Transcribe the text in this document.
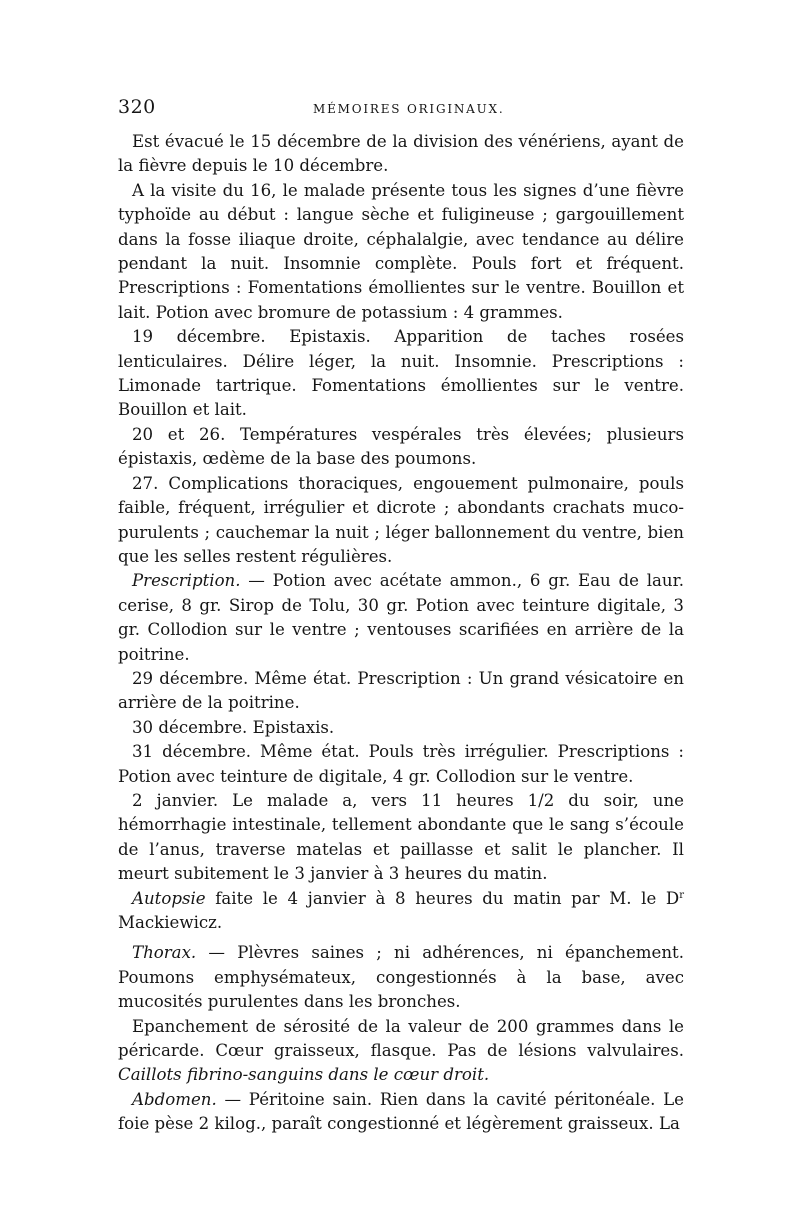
320	MÉMOIRES ORIGINAUX.

Est évacué le 15 décembre de la division des vénériens, ayant de la fièvre depuis le 10 décembre.

A la visite du 16, le malade présente tous les signes d’une fièvre typhoïde au début : langue sèche et fuligineuse ; gargouillement dans la fosse iliaque droite, céphalalgie, avec tendance au délire pendant la nuit. Insomnie complète. Pouls fort et fréquent. Prescriptions : Fomentations émollientes sur le ventre. Bouillon et lait. Potion avec bromure de potassium : 4 grammes.

19 décembre. Epistaxis. Apparition de taches rosées lenticulaires. Délire léger, la nuit. Insomnie. Prescriptions : Limonade tartrique. Fomentations émollientes sur le ventre. Bouillon et lait.

20 et 26. Températures vespérales très élevées; plusieurs épistaxis, œdème de la base des poumons.

27. Complications thoraciques, engouement pulmonaire, pouls faible, fréquent, irrégulier et dicrote ; abondants crachats muco-purulents ; cauchemar la nuit ; léger ballonnement du ventre, bien que les selles restent régulières.

Prescription. — Potion avec acétate ammon., 6 gr. Eau de laur. cerise, 8 gr. Sirop de Tolu, 30 gr. Potion avec teinture digitale, 3 gr. Collodion sur le ventre ; ventouses scarifiées en arrière de la poitrine.

29 décembre. Même état. Prescription : Un grand vésicatoire en arrière de la poitrine.

30 décembre. Epistaxis.

31 décembre. Même état. Pouls très irrégulier. Prescriptions : Potion avec teinture de digitale, 4 gr. Collodion sur le ventre.

2 janvier. Le malade a, vers 11 heures 1/2 du soir, une hémorrhagie intestinale, tellement abondante que le sang s’écoule de l’anus, traverse matelas et paillasse et salit le plancher. Il meurt subitement le 3 janvier à 3 heures du matin.

Autopsie faite le 4 janvier à 8 heures du matin par M. le $D^r$ Mackiewicz.

Thorax. — Plèvres saines ; ni adhérences, ni épanchement. Poumons emphysémateux, congestionnés à la base, avec mucosités purulentes dans les bronches.

Epanchement de sérosité de la valeur de 200 grammes dans le péricarde. Cœur graisseux, flasque. Pas de lésions valvulaires. Caillots fibrino-sanguins dans le cœur droit.

Abdomen. — Péritoine sain. Rien dans la cavité péritonéale. Le foie pèse 2 kilog., paraît congestionné et légèrement graisseux. La
